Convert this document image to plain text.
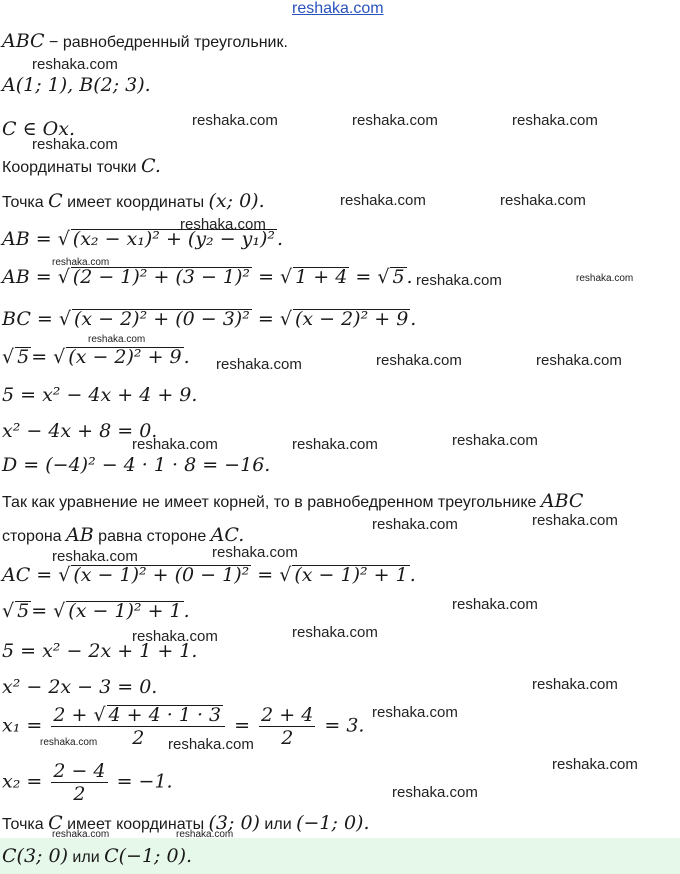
reshaka.com
ABC − равнобедренный треугольник.
A(1; 1), B(2; 3).
C ∈ Ox.
Координаты точки C.
Точка C имеет координаты (x; 0).
AB = √ (x₂ − x₁)² + (y₂ − y₁)² .
AB = √ (2 − 1)² + (3 − 1)² = √ 1 + 4 = √ 5 .
BC = √ (x − 2)² + (0 − 3)² = √ (x − 2)² + 9 .
√ 5 = √ (x − 2)² + 9 .
5 = x² − 4x + 4 + 9.
x² − 4x + 8 = 0.
D = (−4)² − 4 · 1 · 8 = −16.
Так как уравнение не имеет корней, то в равнобедренном треугольнике ABC
сторона AB равна стороне AC.
AC = √ (x − 1)² + (0 − 1)² = √ (x − 1)² + 1 .
√ 5 = √ (x − 1)² + 1 .
5 = x² − 2x + 1 + 1.
x² − 2x − 3 = 0.
$x_1 = \frac{2 + √ 4 + 4 \cdot 1 \cdot 3}{2} = \frac{2 + 4}{2} = 3$.
$x_2 = \frac{2 - 4}{2} = -1$.
Точка C имеет координаты (3; 0) или (−1; 0).
C(3; 0) или C(−1; 0).
reshaka.com
reshaka.com	reshaka.com	reshaka.com
reshaka.com
reshaka.com	reshaka.com
reshaka.com
reshaka.com
reshaka.com	reshaka.com
reshaka.com
reshaka.com	reshaka.com	reshaka.com
reshaka.com	reshaka.com	reshaka.com
reshaka.com	reshaka.com
reshaka.com
reshaka.com
reshaka.com
reshaka.com	reshaka.com
reshaka.com
reshaka.com
reshaka.com	reshaka.com
reshaka.com
reshaka.com
reshaka.com	reshaka.com
